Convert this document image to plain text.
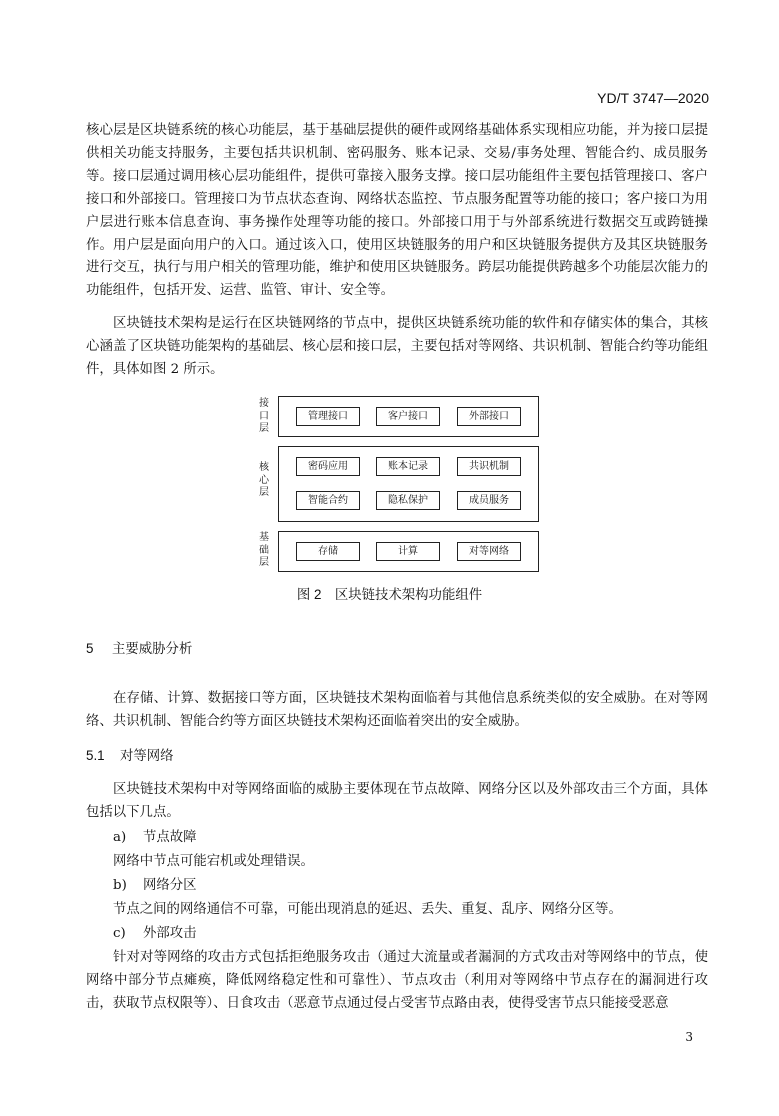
YD/T 3747—2020

核心层是区块链系统的核心功能层，基于基础层提供的硬件或网络基础体系实现相应功能，并为接口层提供相关功能支持服务，主要包括共识机制、密码服务、账本记录、交易/事务处理、智能合约、成员服务等。接口层通过调用核心层功能组件，提供可靠接入服务支撑。接口层功能组件主要包括管理接口、客户接口和外部接口。管理接口为节点状态查询、网络状态监控、节点服务配置等功能的接口；客户接口为用户层进行账本信息查询、事务操作处理等功能的接口。外部接口用于与外部系统进行数据交互或跨链操作。用户层是面向用户的入口。通过该入口，使用区块链服务的用户和区块链服务提供方及其区块链服务进行交互，执行与用户相关的管理功能，维护和使用区块链服务。跨层功能提供跨越多个功能层次能力的功能组件，包括开发、运营、监管、审计、安全等。

区块链技术架构是运行在区块链网络的节点中，提供区块链系统功能的软件和存储实体的集合，其核心涵盖了区块链功能架构的基础层、核心层和接口层，主要包括对等网络、共识机制、智能合约等功能组件，具体如图 2 所示。

接
口
层
管理接口	客户接口	外部接口
核
心
层
密码应用	账本记录	共识机制
智能合约	隐私保护	成员服务
基
础
层
存储	计算	对等网络
图 2　区块链技术架构功能组件
5 主要威胁分析

在存储、计算、数据接口等方面，区块链技术架构面临着与其他信息系统类似的安全威胁。在对等网络、共识机制、智能合约等方面区块链技术架构还面临着突出的安全威胁。

5.1 对等网络

区块链技术架构中对等网络面临的威胁主要体现在节点故障、网络分区以及外部攻击三个方面，具体包括以下几点。

a) 节点故障
网络中节点可能宕机或处理错误。
b) 网络分区
节点之间的网络通信不可靠，可能出现消息的延迟、丢失、重复、乱序、网络分区等。
c) 外部攻击

针对对等网络的攻击方式包括拒绝服务攻击（通过大流量或者漏洞的方式攻击对等网络中的节点，使网络中部分节点瘫痪，降低网络稳定性和可靠性）、节点攻击（利用对等网络中节点存在的漏洞进行攻击，获取节点权限等）、日食攻击（恶意节点通过侵占受害节点路由表，使得受害节点只能接受恶意

3
